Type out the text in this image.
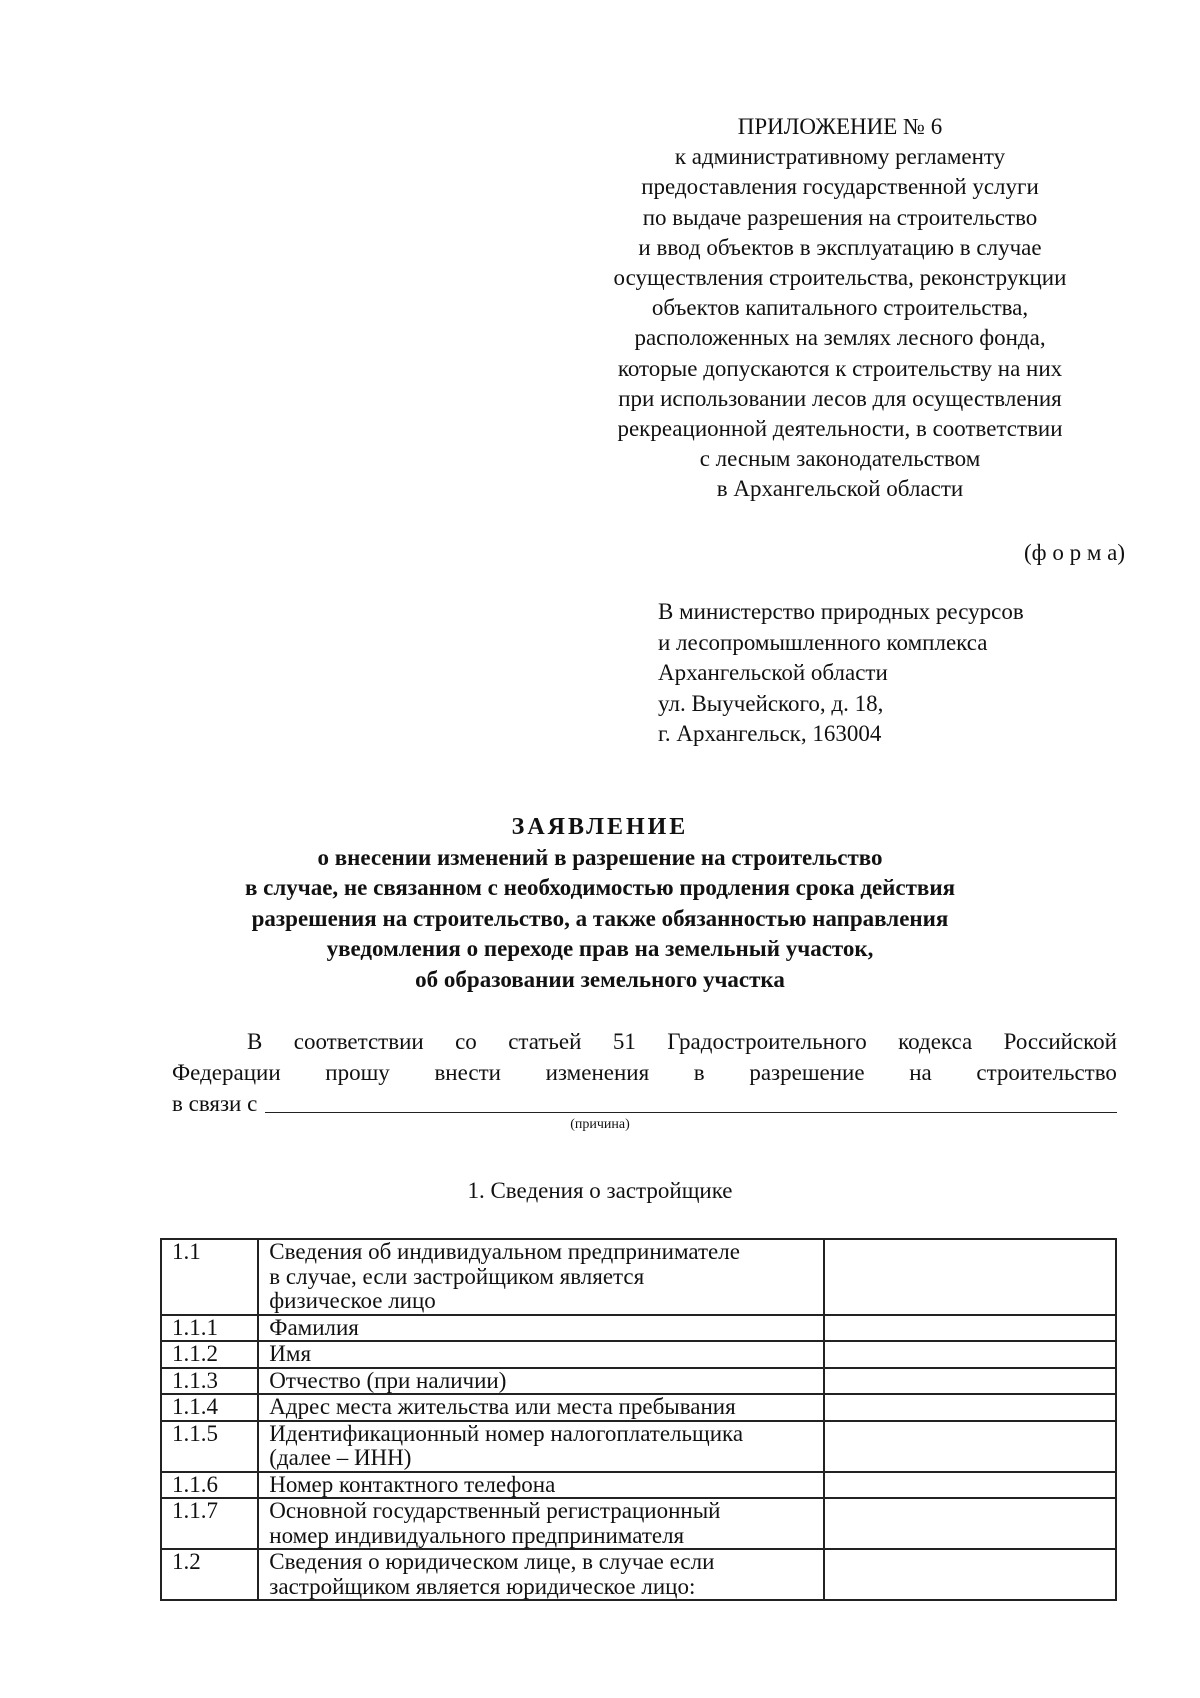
ПРИЛОЖЕНИЕ № 6
к административному регламенту
предоставления государственной услуги
по выдаче разрешения на строительство
и ввод объектов в эксплуатацию в случае
осуществления строительства, реконструкции
объектов капитального строительства,
расположенных на землях лесного фонда,
которые допускаются к строительству на них
при использовании лесов для осуществления
рекреационной деятельности, в соответствии
с лесным законодательством
в Архангельской области
(ф о р м а)
В министерство природных ресурсов
и лесопромышленного комплекса
Архангельской области
ул. Выучейского, д. 18,
г. Архангельск, 163004
ЗАЯВЛЕНИЕ
о внесении изменений в разрешение на строительство
в случае, не связанном с необходимостью продления срока действия
разрешения на строительство, а также обязанностью направления
уведомления о переходе прав на земельный участок,
об образовании земельного участка
В соответствии со статьей 51 Градостроительного кодекса Российской
Федерации прошу внести изменения в разрешение на строительство
в связи с
(причина)
1. Сведения о застройщике
1.1	Сведения об индивидуальном предпринимателе
в случае, если застройщиком является
физическое лицо	

1.1.1	Фамилия	

1.1.2	Имя	

1.1.3	Отчество (при наличии)	

1.1.4	Адрес места жительства или места пребывания	

1.1.5	Идентификационный номер налогоплательщика
(далее – ИНН)	

1.1.6	Номер контактного телефона	

1.1.7	Основной государственный регистрационный
номер индивидуального предпринимателя	

1.2	Сведения о юридическом лице, в случае если
застройщиком является юридическое лицо:	
